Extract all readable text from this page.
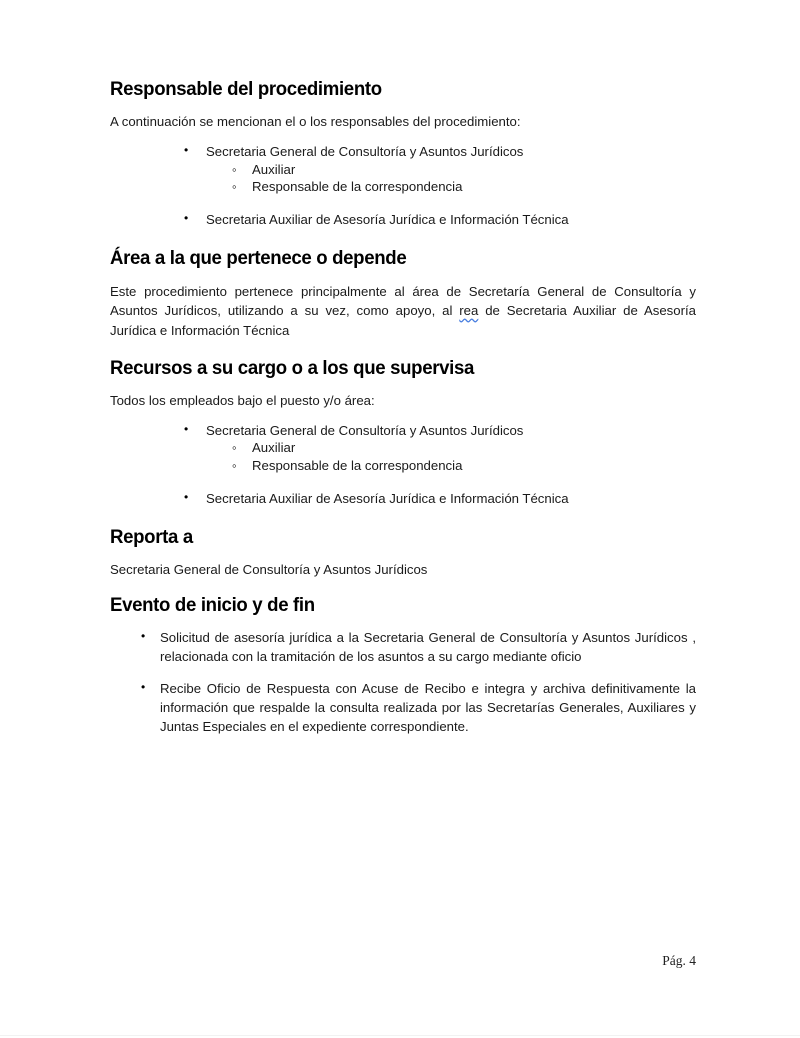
Responsable del procedimiento

A continuación se mencionan el o los responsables del procedimiento:

• Secretaria General de Consultoría y Asuntos Jurídicos
◦ Auxiliar
◦ Responsable de la correspondencia
• Secretaria Auxiliar de Asesoría Jurídica e Información Técnica
Área a la que pertenece o depende

Este procedimiento pertenece principalmente al área de Secretaría General de Consultoría y Asuntos Jurídicos, utilizando a su vez, como apoyo, al rea de Secretaria Auxiliar de Asesoría Jurídica e Información Técnica

Recursos a su cargo o a los que supervisa

Todos los empleados bajo el puesto y/o área:

• Secretaria General de Consultoría y Asuntos Jurídicos
◦ Auxiliar
◦ Responsable de la correspondencia
• Secretaria Auxiliar de Asesoría Jurídica e Información Técnica
Reporta a

Secretaria General de Consultoría y Asuntos Jurídicos

Evento de inicio y de fin
• Solicitud de asesoría jurídica a la Secretaria General de Consultoría y Asuntos Jurídicos , relacionada con la tramitación de los asuntos a su cargo mediante oficio
• Recibe Oficio de Respuesta con Acuse de Recibo e integra y archiva definitivamente la información que respalde la consulta realizada por las Secretarías Generales, Auxiliares y Juntas Especiales en el expediente correspondiente.
Pág. 4
